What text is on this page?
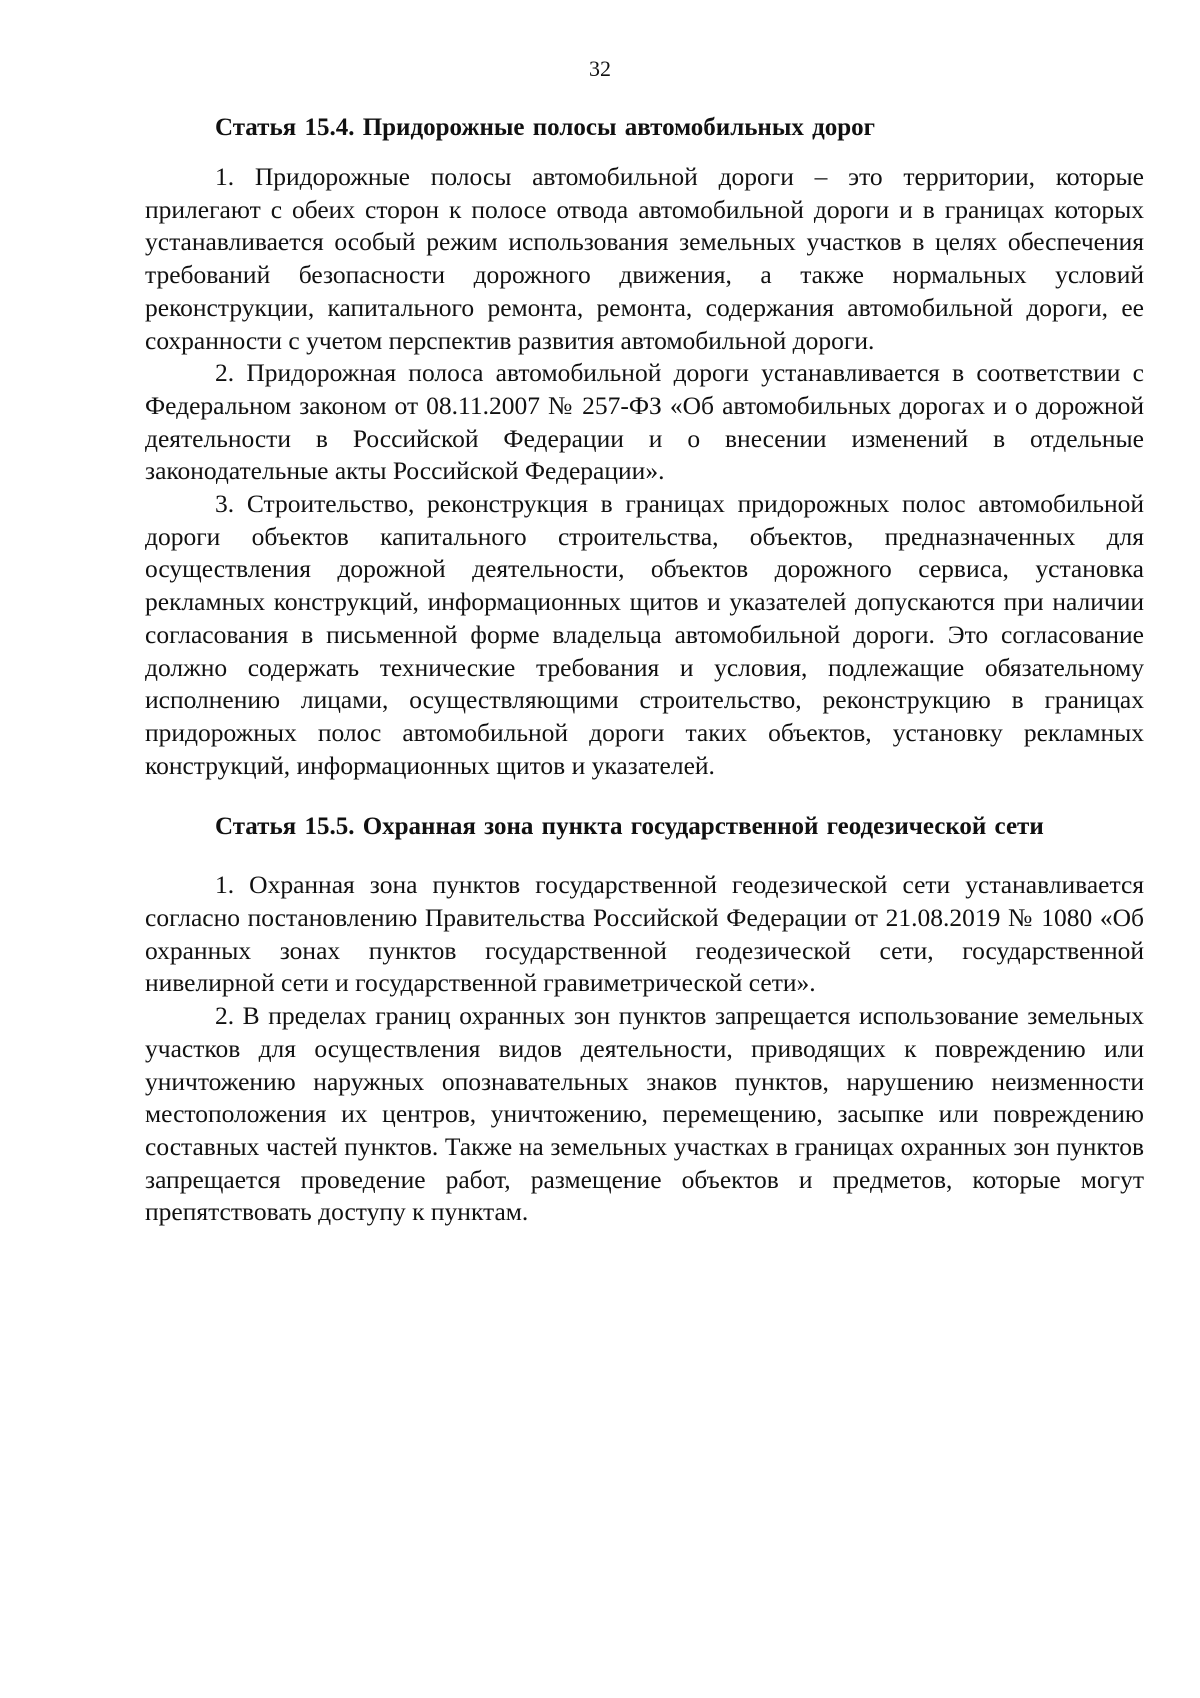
32
Статья 15.4. Придорожные полосы автомобильных дорог

1. Придорожные полосы автомобильной дороги – это территории, которые прилегают с обеих сторон к полосе отвода автомобильной дороги и в границах которых устанавливается особый режим использования земельных участков в целях обеспечения требований безопасности дорожного движения, а также нормальных условий реконструкции, капитального ремонта, ремонта, содержания автомобильной дороги, ее сохранности с учетом перспектив развития автомобильной дороги.

2. Придорожная полоса автомобильной дороги устанавливается в соответствии с Федеральном законом от 08.11.2007 № 257-ФЗ «Об автомобильных дорогах и о дорожной деятельности в Российской Федерации и о внесении изменений в отдельные законодательные акты Российской Федерации».

3. Строительство, реконструкция в границах придорожных полос автомобильной дороги объектов капитального строительства, объектов, предназначенных для осуществления дорожной деятельности, объектов дорожного сервиса, установка рекламных конструкций, информационных щитов и указателей допускаются при наличии согласования в письменной форме владельца автомобильной дороги. Это согласование должно содержать технические требования и условия, подлежащие обязательному исполнению лицами, осуществляющими строительство, реконструкцию в границах придорожных полос автомобильной дороги таких объектов, установку рекламных конструкций, информационных щитов и указателей.

Статья 15.5. Охранная зона пункта государственной геодезической сети

1. Охранная зона пунктов государственной геодезической сети устанавливается согласно постановлению Правительства Российской Федерации от 21.08.2019 № 1080 «Об охранных зонах пунктов государственной геодезической сети, государственной нивелирной сети и государственной гравиметрической сети».

2. В пределах границ охранных зон пунктов запрещается использование земельных участков для осуществления видов деятельности, приводящих к повреждению или уничтожению наружных опознавательных знаков пунктов, нарушению неизменности местоположения их центров, уничтожению, перемещению, засыпке или повреждению составных частей пунктов. Также на земельных участках в границах охранных зон пунктов запрещается проведение работ, размещение объектов и предметов, которые могут препятствовать доступу к пунктам.
